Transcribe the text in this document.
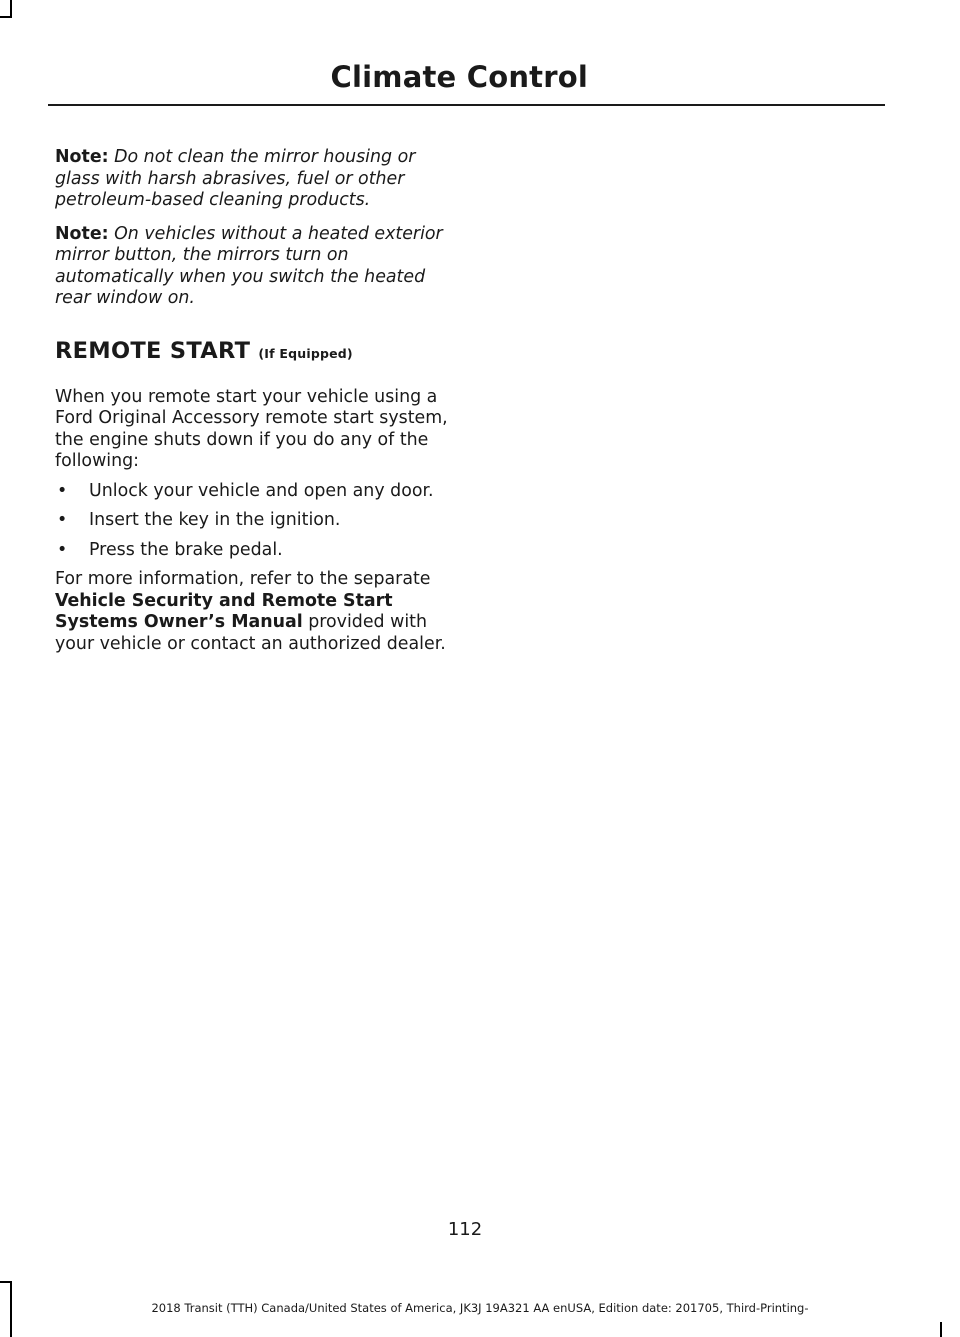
Climate Control

Note: Do not clean the mirror housing or glass with harsh abrasives, fuel or other petroleum-based cleaning products.

Note: On vehicles without a heated exterior mirror button, the mirrors turn on automatically when you switch the heated rear window on.

REMOTE START (If Equipped)

When you remote start your vehicle using a Ford Original Accessory remote start system, the engine shuts down if you do any of the following:

• Unlock your vehicle and open any door.
• Insert the key in the ignition.
• Press the brake pedal.

For more information, refer to the separate Vehicle Security and Remote Start Systems Owner’s Manual provided with your vehicle or contact an authorized dealer.

112
2018 Transit (TTH) Canada/United States of America, JK3J 19A321 AA enUSA, Edition date: 201705, Third-Printing-
